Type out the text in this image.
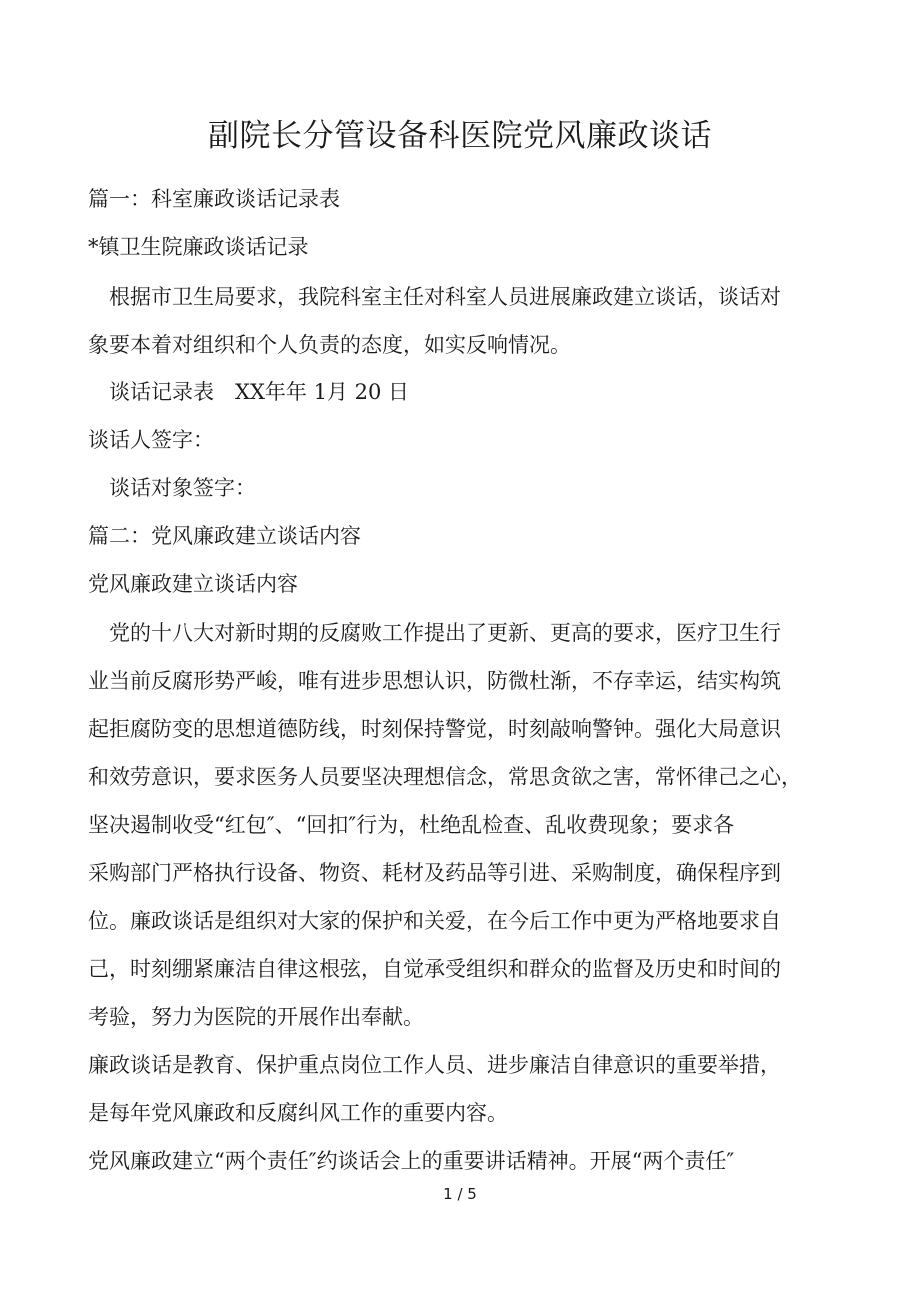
副院长分管设备科医院党风廉政谈话

篇一：科室廉政谈话记录表

*镇卫生院廉政谈话记录

　根据市卫生局要求，我院科室主任对科室人员进展廉政建立谈话，谈话对

象要本着对组织和个人负责的态度，如实反响情况。

　谈话记录表　XX年年 1月 20 日

谈话人签字：

　谈话对象签字：

篇二：党风廉政建立谈话内容

党风廉政建立谈话内容

　党的十八大对新时期的反腐败工作提出了更新、更高的要求，医疗卫生行

业当前反腐形势严峻，唯有进步思想认识，防微杜渐，不存幸运，结实构筑

起拒腐防变的思想道德防线，时刻保持警觉，时刻敲响警钟。强化大局意识

和效劳意识，要求医务人员要坚决理想信念，常思贪欲之害，常怀律己之心，

坚决遏制收受“红包″、“回扣″行为，杜绝乱检查、乱收费现象；要求各

采购部门严格执行设备、物资、耗材及药品等引进、采购制度，确保程序到

位。廉政谈话是组织对大家的保护和关爱，在今后工作中更为严格地要求自

己，时刻绷紧廉洁自律这根弦，自觉承受组织和群众的监督及历史和时间的

考验，努力为医院的开展作出奉献。

廉政谈话是教育、保护重点岗位工作人员、进步廉洁自律意识的重要举措，

是每年党风廉政和反腐纠风工作的重要内容。

党风廉政建立“两个责任″约谈话会上的重要讲话精神。开展“两个责任″

1 / 5
